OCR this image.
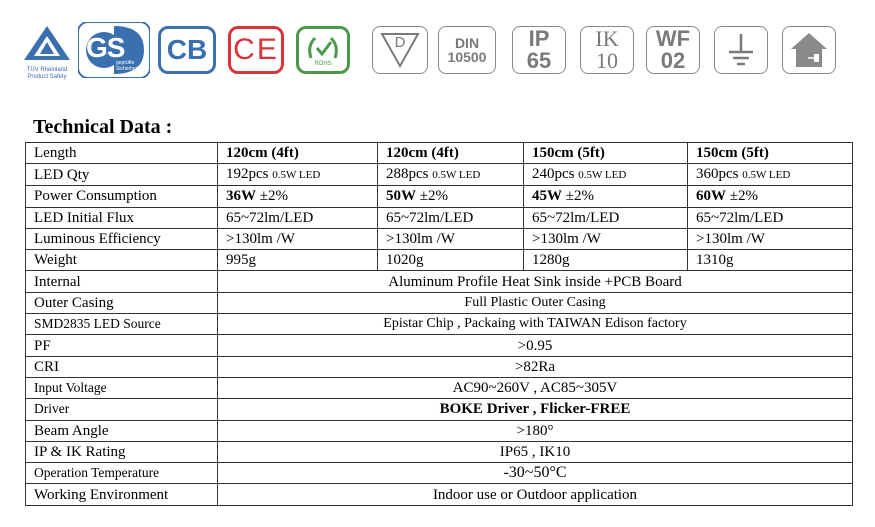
TÜV Rheinland Product Safety
GS
geprüfte Sicherheit
CB CE	ROHS
D	DIN
10500
IP
65
IK
10
WF
02
Technical Data :
Length	120cm (4ft)	120cm (4ft)	150cm (5ft)	150cm (5ft)
LED Qty	192pcs 0.5W LED	288pcs 0.5W LED	240pcs 0.5W LED	360pcs 0.5W LED
Power Consumption	36W ±2%	50W ±2%	45W ±2%	60W ±2%
LED Initial Flux	65~72lm/LED	65~72lm/LED	65~72lm/LED	65~72lm/LED
Luminous Efficiency	>130lm /W	>130lm /W	>130lm /W	>130lm /W
Weight	995g	1020g	1280g	1310g
Internal	Aluminum Profile Heat Sink inside +PCB Board			
Outer Casing	Full Plastic Outer Casing			
SMD2835 LED Source	Epistar Chip , Packaing with TAIWAN Edison factory			
PF	>0.95			
CRI	>82Ra			
Input Voltage	AC90~260V , AC85~305V			
Driver	BOKE Driver , Flicker-FREE			
Beam Angle	>180°			
IP & IK Rating	IP65 , IK10			
Operation Temperature	-30~50°C			
Working Environment	Indoor use or Outdoor application			
